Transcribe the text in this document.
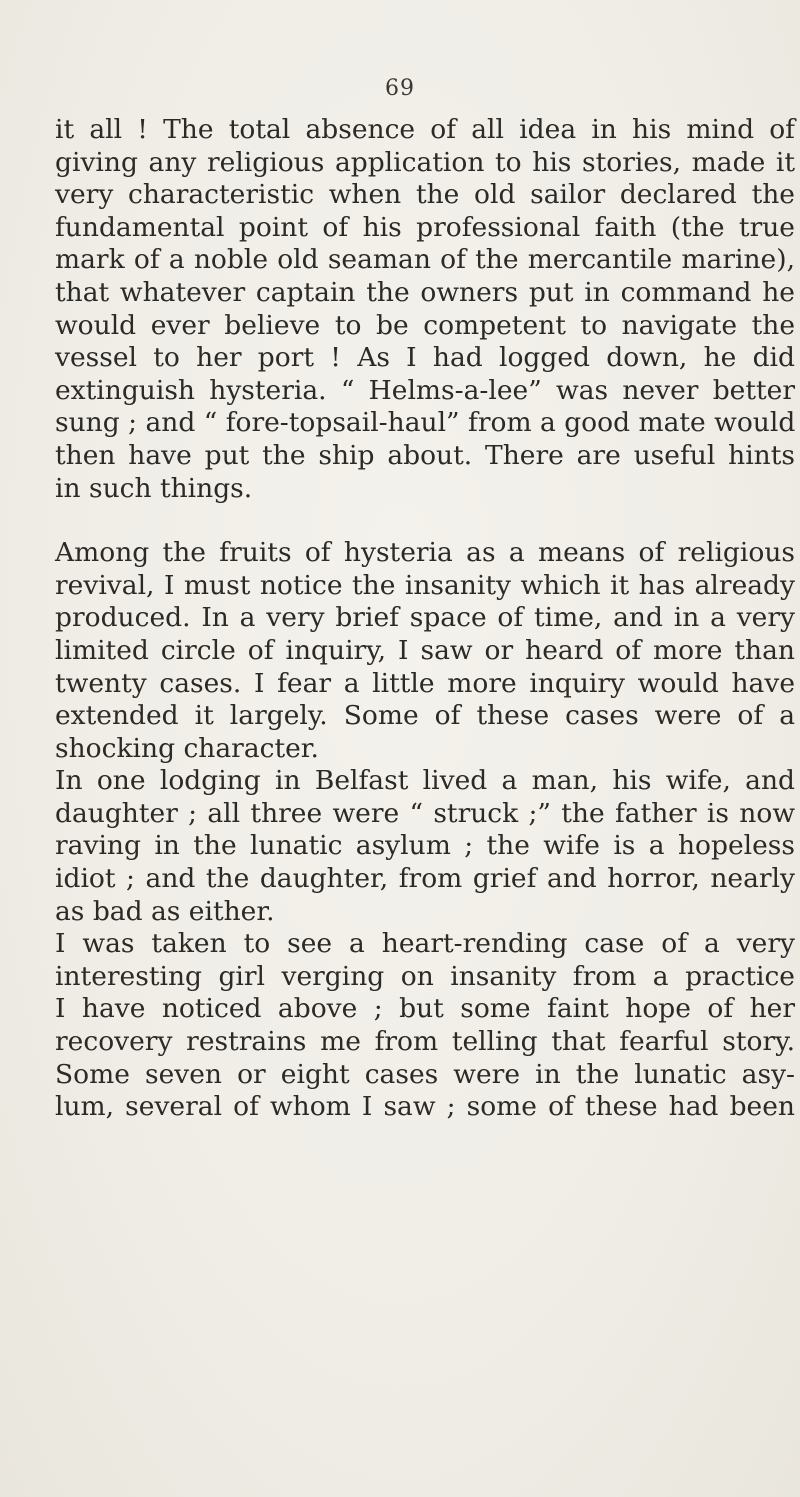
69
it all ! The total absence of all idea in his mind of
giving any religious application to his stories, made it
very characteristic when the old sailor declared the
fundamental point of his professional faith (the true
mark of a noble old seaman of the mercantile marine),
that whatever captain the owners put in command he
would ever believe to be competent to navigate the
vessel to her port ! As I had logged down, he did
extinguish hysteria. “ Helms-a-lee” was never better
sung ; and “ fore-topsail-haul” from a good mate would
then have put the ship about. There are useful hints
in such things.
Among the fruits of hysteria as a means of religious
revival, I must notice the insanity which it has already
produced. In a very brief space of time, and in a very
limited circle of inquiry, I saw or heard of more than
twenty cases. I fear a little more inquiry would have
extended it largely. Some of these cases were of a
shocking character.
In one lodging in Belfast lived a man, his wife, and
daughter ; all three were “ struck ;” the father is now
raving in the lunatic asylum ; the wife is a hopeless
idiot ; and the daughter, from grief and horror, nearly
as bad as either.
I was taken to see a heart-rending case of a very
interesting girl verging on insanity from a practice
I have noticed above ; but some faint hope of her
recovery restrains me from telling that fearful story.
Some seven or eight cases were in the lunatic asy-
lum, several of whom I saw ; some of these had been
